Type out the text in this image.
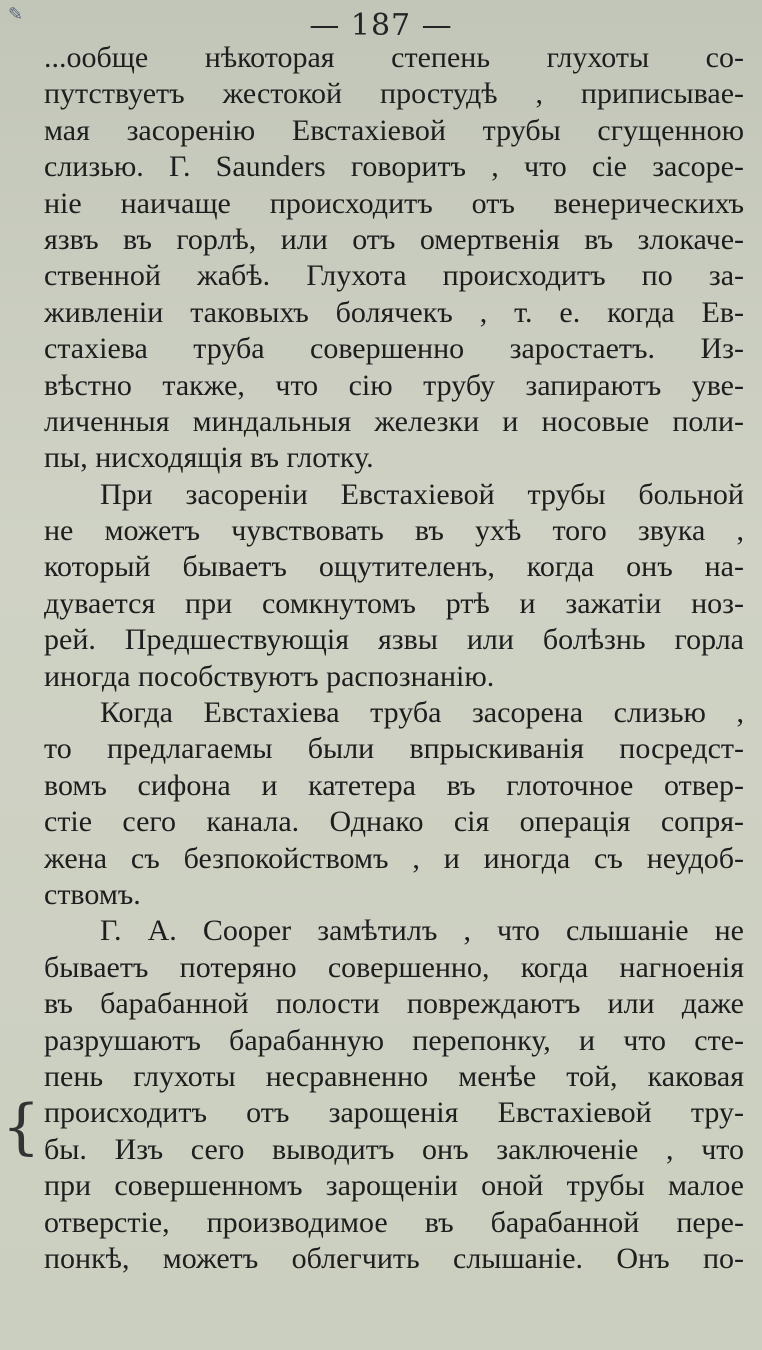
✎	— 187 —
{
...ообще нѣкоторая степень глухоты со-
путствуетъ жестокой простудѣ , приписывае-
мая засоренію Евстахіевой трубы сгущенною
слизью. Г. Saunders говоритъ , что сіе засоре-
ніе наичаще происходитъ отъ венерическихъ
язвъ въ горлѣ, или отъ омертвенія въ злокаче-
ственной жабѣ. Глухота происходитъ по за-
живленіи таковыхъ болячекъ , т. е. когда Ев-
стахіева труба совершенно заростаетъ. Из-
вѣстно также, что сію трубу запираютъ уве-
личенныя миндальныя железки и носовые поли-
пы, нисходящія въ глотку.
При засореніи Евстахіевой трубы больной
не можетъ чувствовать въ ухѣ того звука ,
который бываетъ ощутителенъ, когда онъ на-
дувается при сомкнутомъ ртѣ и зажатіи ноз-
рей. Предшествующія язвы или болѣзнь горла
иногда пособствуютъ распознанію.
Когда Евстахіева труба засорена слизью ,
то предлагаемы были впрыскиванія посредст-
вомъ сифона и катетера въ глоточное отвер-
стіе сего канала. Однако сія операція сопря-
жена съ безпокойствомъ , и иногда съ неудоб-
ствомъ.
Г. А. Cooper замѣтилъ , что слышаніе не
бываетъ потеряно совершенно, когда нагноенія
въ барабанной полости повреждаютъ или даже
разрушаютъ барабанную перепонку, и что сте-
пень глухоты несравненно менѣе той, каковая
происходитъ отъ зарощенія Евстахіевой тру-
бы. Изъ сего выводитъ онъ заключеніе , что
при совершенномъ зарощеніи оной трубы малое
отверстіе, производимое въ барабанной пере-
понкѣ, можетъ облегчить слышаніе. Онъ по-
